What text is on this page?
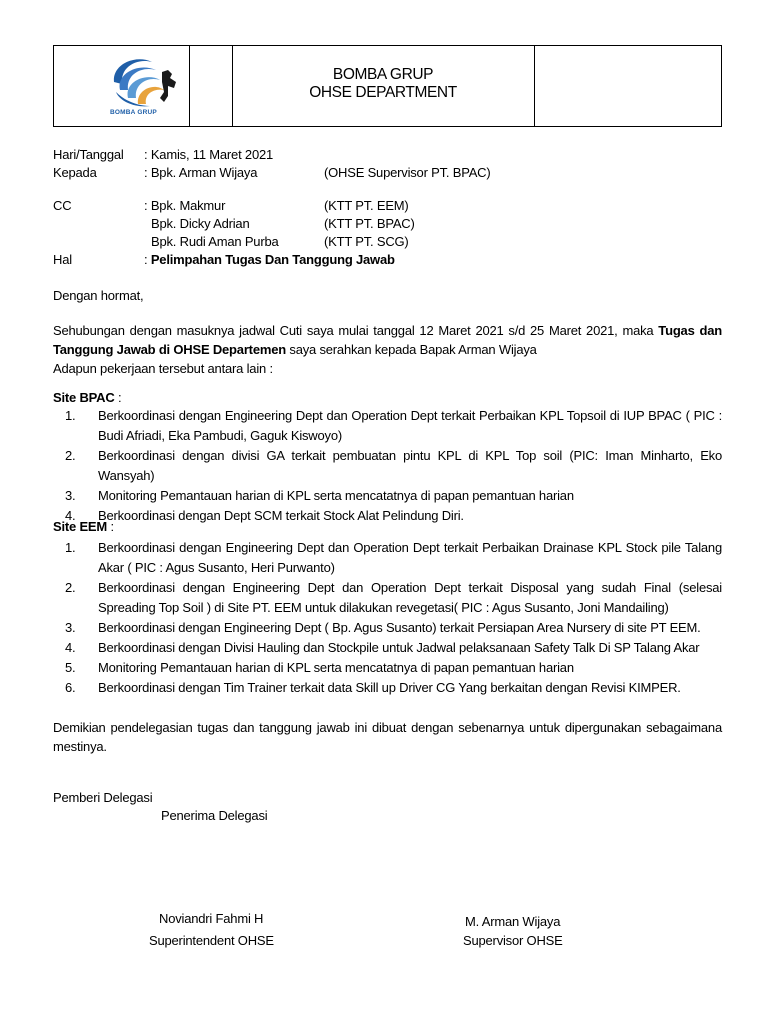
BOMBA GRUP
BOMBA GRUP
OHSE DEPARTMENT
Hari/Tanggal : Kamis, 11 Maret 2021
Kepada	: Bpk. Arman Wijaya	(OHSE Supervisor PT. BPAC)
CC	: Bpk. Makmur	(KTT PT. EEM)
Bpk. Dicky Adrian	(KTT PT. BPAC)
Bpk. Rudi Aman Purba	(KTT PT. SCG)
Hal	: Pelimpahan Tugas Dan Tanggung Jawab
Dengan hormat,
Sehubungan dengan masuknya jadwal Cuti saya mulai tanggal 12 Maret 2021 s/d 25 Maret 2021, maka Tugas dan Tanggung Jawab di OHSE Departemen saya serahkan kepada Bapak Arman Wijaya
Adapun pekerjaan tersebut antara lain :
Site BPAC :
1. Berkoordinasi dengan Engineering Dept dan Operation Dept terkait Perbaikan KPL Topsoil di IUP BPAC ( PIC : Budi Afriadi, Eka Pambudi, Gaguk Kiswoyo)
2. Berkoordinasi dengan divisi GA terkait pembuatan pintu KPL di KPL Top soil (PIC: Iman Minharto, Eko Wansyah)
3. Monitoring Pemantauan harian di KPL serta mencatatnya di papan pemantuan harian
4. Berkoordinasi dengan Dept SCM terkait Stock Alat Pelindung Diri.
Site EEM :
1. Berkoordinasi dengan Engineering Dept dan Operation Dept terkait Perbaikan Drainase KPL Stock pile Talang Akar ( PIC : Agus Susanto, Heri Purwanto)
2. Berkoordinasi dengan Engineering Dept dan Operation Dept terkait Disposal yang sudah Final (selesai Spreading Top Soil ) di Site PT. EEM untuk dilakukan revegetasi( PIC : Agus Susanto, Joni Mandailing)
3. Berkoordinasi dengan Engineering Dept ( Bp. Agus Susanto) terkait Persiapan Area Nursery di site PT EEM.
4. Berkoordinasi dengan Divisi Hauling dan Stockpile untuk Jadwal pelaksanaan Safety Talk Di SP Talang Akar
5. Monitoring Pemantauan harian di KPL serta mencatatnya di papan pemantuan harian
6. Berkoordinasi dengan Tim Trainer terkait data Skill up Driver CG Yang berkaitan dengan Revisi KIMPER.
Demikian pendelegasian tugas dan tanggung jawab ini dibuat dengan sebenarnya untuk dipergunakan sebagaimana mestinya.
Pemberi Delegasi
Penerima Delegasi
Noviandri Fahmi H
Superintendent OHSE
M. Arman Wijaya
Supervisor OHSE
